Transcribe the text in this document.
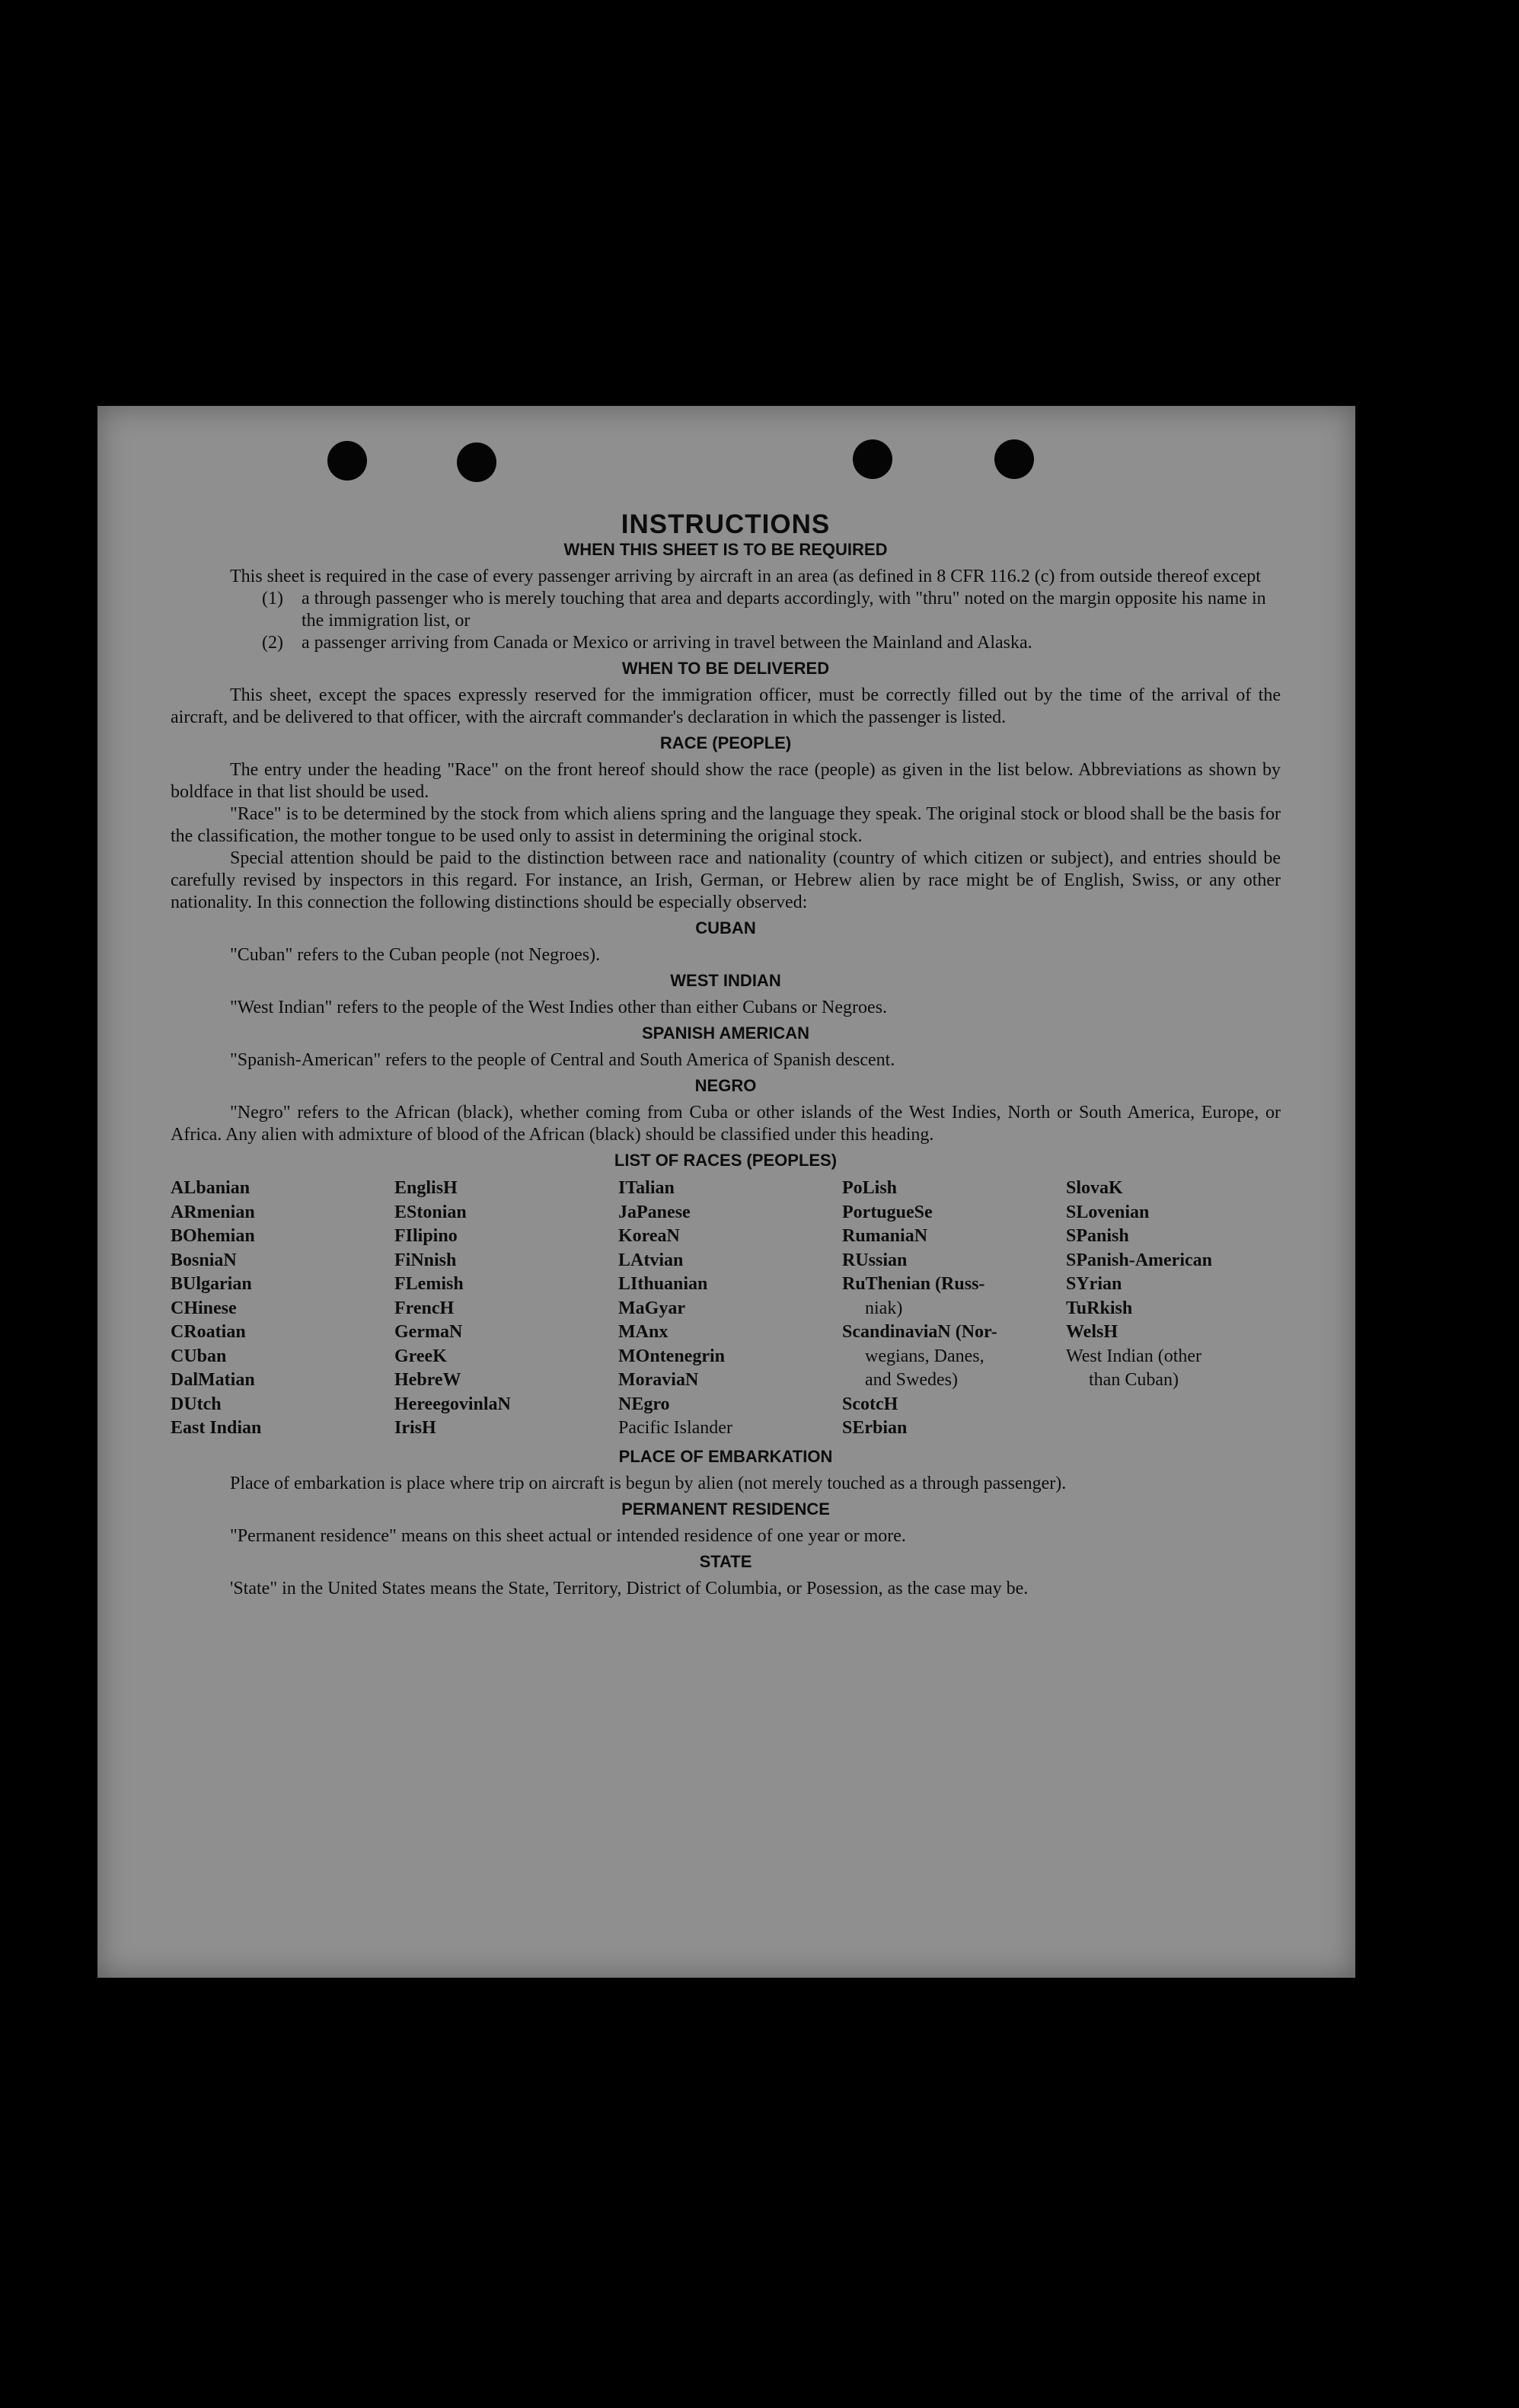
INSTRUCTIONS
WHEN THIS SHEET IS TO BE REQUIRED

This sheet is required in the case of every passenger arriving by aircraft in an area (as defined in 8 CFR 116.2 (c) from outside thereof except

(1)	a through passenger who is merely touching that area and departs accordingly, with "thru" noted on the margin opposite his name in the immigration list, or
(2)	a passenger arriving from Canada or Mexico or arriving in travel between the Mainland and Alaska.
WHEN TO BE DELIVERED

This sheet, except the spaces expressly reserved for the immigration officer, must be correctly filled out by the time of the arrival of the aircraft, and be delivered to that officer, with the aircraft commander's declaration in which the passenger is listed.

RACE (PEOPLE)

The entry under the heading "Race" on the front hereof should show the race (people) as given in the list below. Abbreviations as shown by boldface in that list should be used.

"Race" is to be determined by the stock from which aliens spring and the language they speak. The original stock or blood shall be the basis for the classification, the mother tongue to be used only to assist in determining the original stock.

Special attention should be paid to the distinction between race and nationality (country of which citizen or subject), and entries should be carefully revised by inspectors in this regard. For instance, an Irish, German, or Hebrew alien by race might be of English, Swiss, or any other nationality. In this connection the following distinctions should be especially observed:

CUBAN

"Cuban" refers to the Cuban people (not Negroes).

WEST INDIAN

"West Indian" refers to the people of the West Indies other than either Cubans or Negroes.

SPANISH AMERICAN

"Spanish-American" refers to the people of Central and South America of Spanish descent.

NEGRO

"Negro" refers to the African (black), whether coming from Cuba or other islands of the West Indies, North or South America, Europe, or Africa. Any alien with admixture of blood of the African (black) should be classified under this heading.

LIST OF RACES (PEOPLES)
ALbanian
ARmenian
BOhemian
BosniaN
BUlgarian
CHinese
CRoatian
CUban
DalMatian
DUtch
East Indian
EnglisH
EStonian
FIlipino
FiNnish
FLemish
FrencH
GermaN
GreeK
HebreW
HereegovinlaN
IrisH
ITalian
JaPanese
KoreaN
LAtvian
LIthuanian
MaGyar
MAnx
MOntenegrin
MoraviaN
NEgro
Pacific Islander
PoLish
PortugueSe
RumaniaN
RUssian
RuThenian (Russ-
niak)
ScandinaviaN (Nor-
wegians, Danes,
and Swedes)
ScotcH
SErbian
SlovaK
SLovenian
SPanish
SPanish-American
SYrian
TuRkish
WelsH
West Indian (other
than Cuban)
PLACE OF EMBARKATION

Place of embarkation is place where trip on aircraft is begun by alien (not merely touched as a through passenger).

PERMANENT RESIDENCE

"Permanent residence" means on this sheet actual or intended residence of one year or more.

STATE

'State" in the United States means the State, Territory, District of Columbia, or Posession, as the case may be.
